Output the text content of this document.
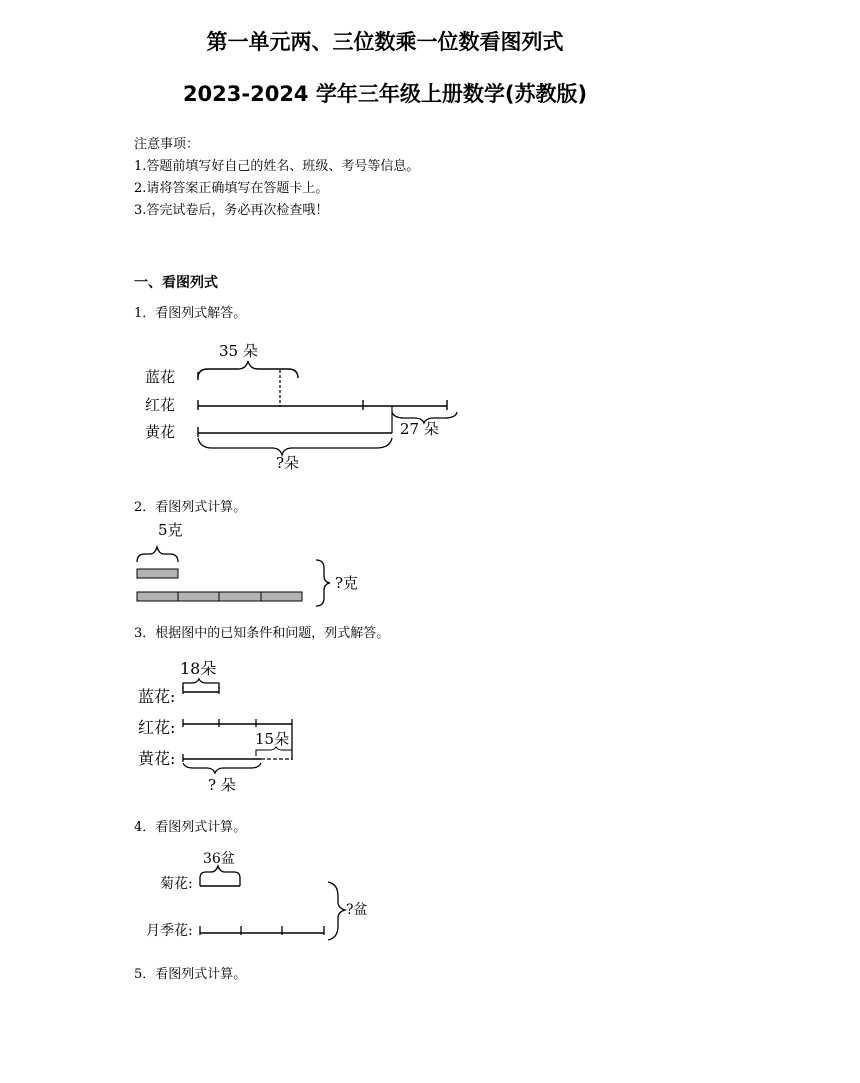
第一单元两、三位数乘一位数看图列式
2023-2024 学年三年级上册数学(苏教版)
注意事项：
1.答题前填写好自己的姓名、班级、考号等信息。
2.请将答案正确填写在答题卡上。
3.答完试卷后，务必再次检查哦！
一、看图列式
1．看图列式解答。
35 朵
蓝花
红花
27 朵
黄花
?朵
2．看图列式计算。
5克
?克
3．根据图中的已知条件和问题，列式解答。
18朵
蓝花:
红花:
15朵
黄花:
? 朵
4．看图列式计算。
36盆
菊花:
月季花:
?盆
5．看图列式计算。
